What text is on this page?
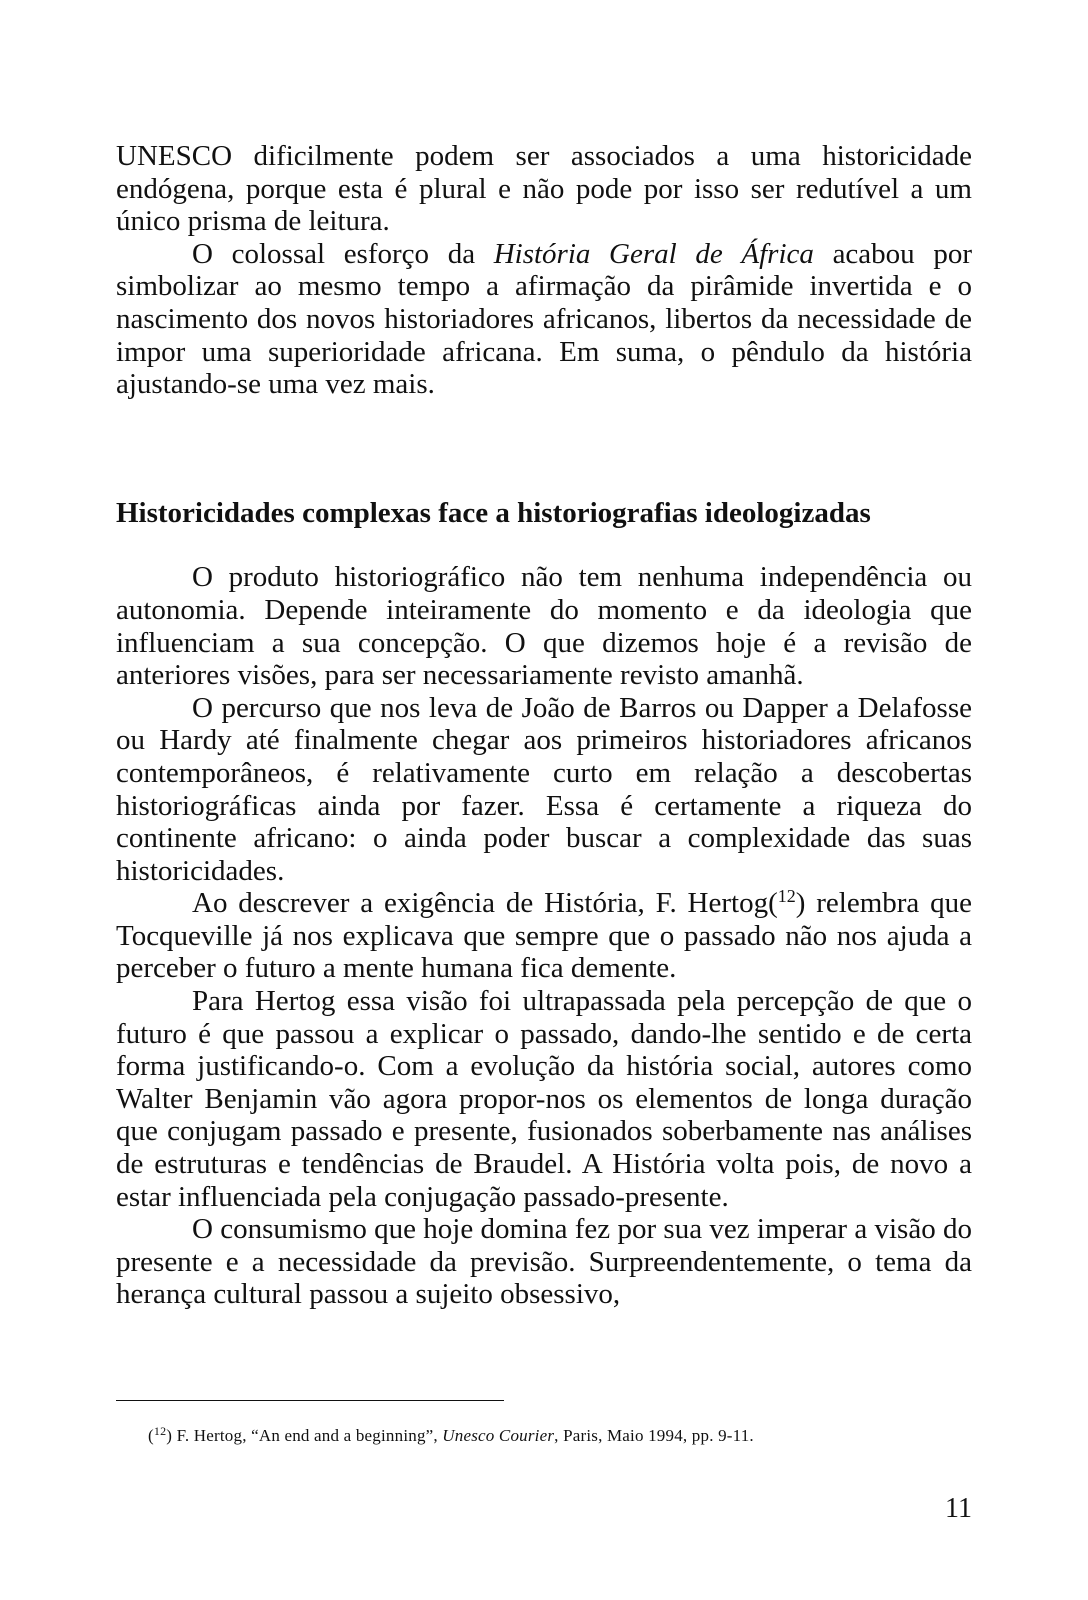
UNESCO dificilmente podem ser associados a uma historicidade endógena, porque esta é plural e não pode por isso ser redutível a um único prisma de leitura.

O colossal esforço da História Geral de África acabou por simbolizar ao mesmo tempo a afirmação da pirâmide invertida e o nascimento dos novos historiadores africanos, libertos da necessidade de impor uma superioridade africana. Em suma, o pêndulo da história ajustando-se uma vez mais.

Historicidades complexas face a historiografias ideologizadas

O produto historiográfico não tem nenhuma independência ou autonomia. Depende inteiramente do momento e da ideologia que influenciam a sua concepção. O que dizemos hoje é a revisão de anteriores visões, para ser necessariamente revisto amanhã.

O percurso que nos leva de João de Barros ou Dapper a Delafosse ou Hardy até finalmente chegar aos primeiros historiadores africanos contemporâneos, é relativamente curto em relação a descobertas historiográficas ainda por fazer. Essa é certamente a riqueza do continente africano: o ainda poder buscar a complexidade das suas historicidades.

Ao descrever a exigência de História, F. Hertog($^{12}$) relembra que Tocqueville já nos explicava que sempre que o passado não nos ajuda a perceber o futuro a mente humana fica demente.

Para Hertog essa visão foi ultrapassada pela percepção de que o futuro é que passou a explicar o passado, dando-lhe sentido e de certa forma justificando-o. Com a evolução da história social, autores como Walter Benjamin vão agora propor-nos os elementos de longa duração que conjugam passado e presente, fusionados soberbamente nas análises de estruturas e tendências de Braudel. A História volta pois, de novo a estar influenciada pela conjugação passado-presente.

O consumismo que hoje domina fez por sua vez imperar a visão do presente e a necessidade da previsão. Surpreendentemente, o tema da herança cultural passou a sujeito obsessivo,

($^{12}$) F. Hertog, “An end and a beginning”, Unesco Courier, Paris, Maio 1994, pp. 9-11.
11
